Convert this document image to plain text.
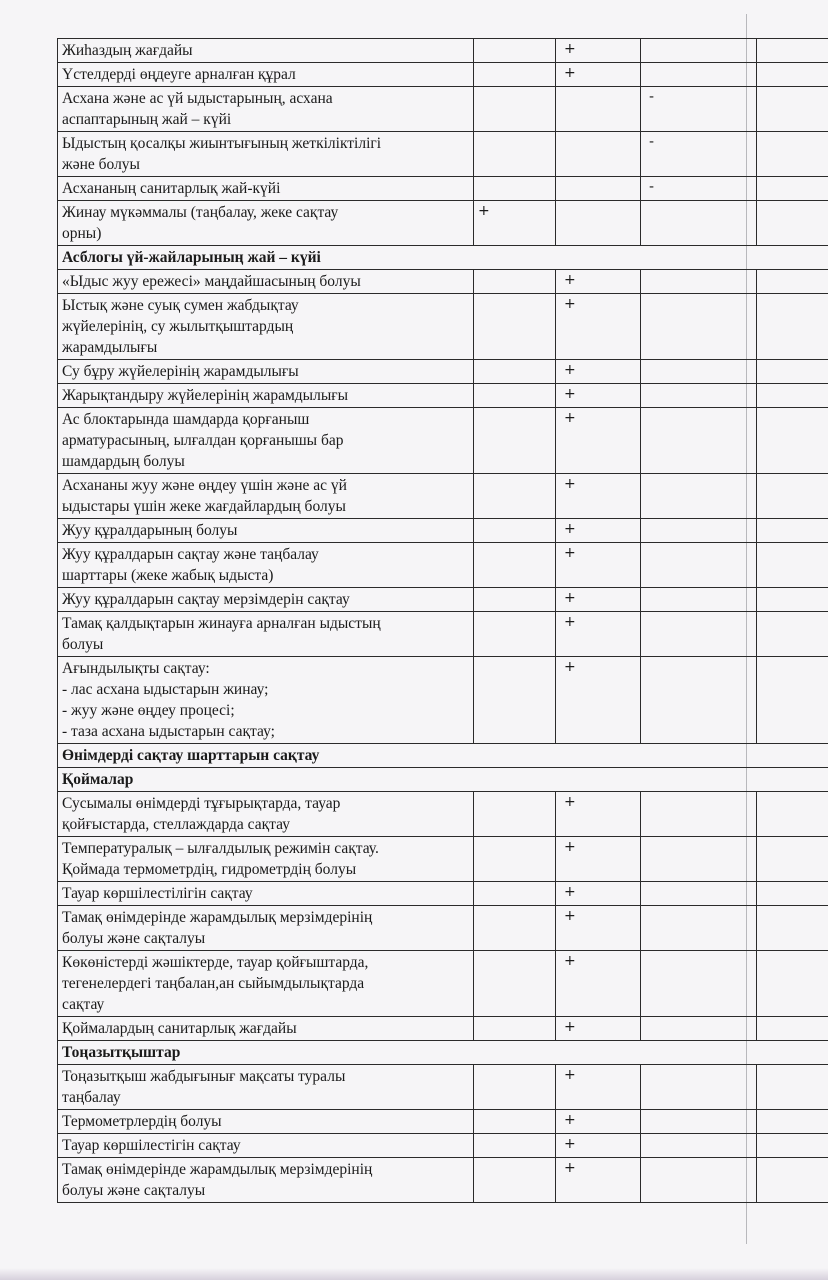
Жиһаздың жағдайы		+		

Үстелдерді өңдеуге арналған құрал		+		

Асхана және ас үй ыдыстарының, асхана
аспаптарының жай – күйі			-	

Ыдыстың қосалқы жиынтығының жеткіліктілігі
және болуы			-	

Асхананың санитарлық жай-күйі			-	

Жинау мүкәммалы (таңбалау, жеке сақтау
орны)	+			

Асблогы үй-жайларының жай – күйі				

«Ыдыс жуу ережесі» маңдайшасының болуы		+		

Ыстық және суық сумен жабдықтау
жүйелерінің, су жылытқыштардың
жарамдылығы		+		

Су бұру жүйелерінің жарамдылығы		+		

Жарықтандыру жүйелерінің жарамдылығы		+		

Ас блоктарында шамдарда қорғаныш
арматурасының, ылғалдан қорғанышы бар
шамдардың болуы		+		

Асхананы жуу және өңдеу үшін және ас үй
ыдыстары үшін жеке жағдайлардың болуы		+		

Жуу құралдарының болуы		+		

Жуу құралдарын сақтау және таңбалау
шарттары (жеке жабық ыдыста)		+		

Жуу құралдарын сақтау мерзімдерін сақтау		+		

Тамақ қалдықтарын жинауға арналған ыдыстың
болуы		+		

Ағындылықты сақтау:
- лас асхана ыдыстарын жинау;
- жуу және өңдеу процесі;
- таза асхана ыдыстарын сақтау;		+		

Өнімдерді сақтау шарттарын сақтау				

Қоймалар				

Сусымалы өнімдерді тұғырықтарда, тауар
қойғыстарда, стеллаждарда сақтау		+		

Температуралық – ылғалдылық режимін сақтау.
Қоймада термометрдің, гидрометрдің болуы		+		

Тауар көршілестілігін сақтау		+		

Тамақ өнімдерінде жарамдылық мерзімдерінің
болуы және сақталуы		+		

Көкөністерді жәшіктерде, тауар қойғыштарда,
тегенелердегі таңбалан,ан сыйымдылықтарда
сақтау		+		

Қоймалардың санитарлық жағдайы		+		

Тоңазытқыштар				

Тоңазытқыш жабдығынығ мақсаты туралы
таңбалау		+		

Термометрлердің болуы		+		

Тауар көршілестігін сақтау		+		

Тамақ өнімдерінде жарамдылық мерзімдерінің
болуы және сақталуы		+		
